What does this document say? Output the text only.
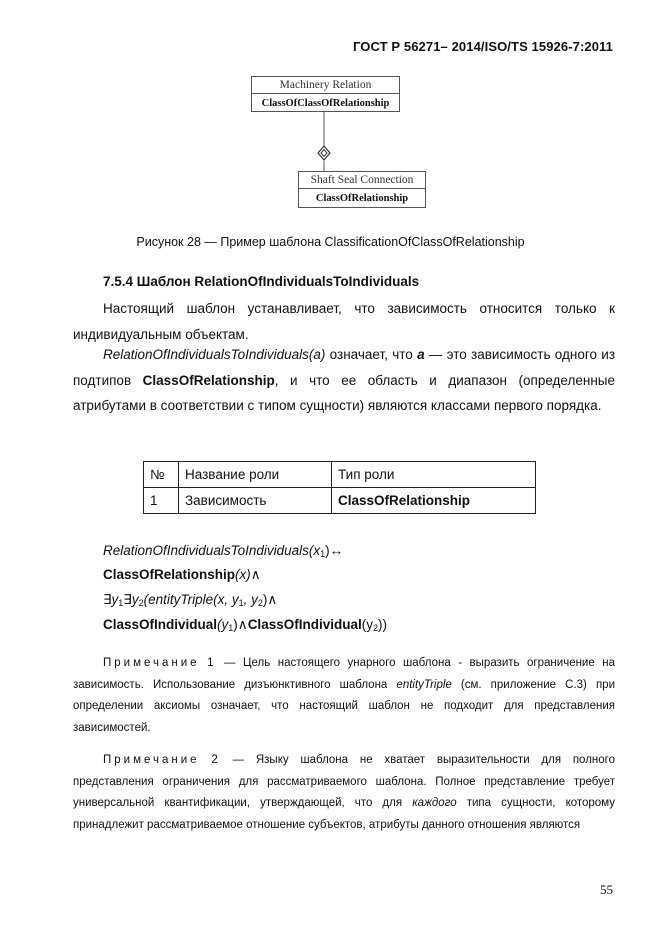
ГОСТ Р 56271– 2014/ISO/TS 15926-7:2011
Machinery Relation
ClassOfClassOfRelationship
Shaft Seal Connection
ClassOfRelationship
Рисунок 28 — Пример шаблона ClassificationOfClassOfRelationship
7.5.4 Шаблон RelationOfIndividualsToIndividuals
Настоящий шаблон устанавливает, что зависимость относится только к индивидуальным объектам.
RelationOfIndividualsToIndividuals(a) означает, что a — это зависимость одного из подтипов ClassOfRelationship, и что ее область и диапазон (определенные атрибутами в соответствии с типом сущности) являются классами первого порядка.
№	Название роли	Тип роли
1	Зависимость	ClassOfRelationship
$RelationOfIndividualsToIndividuals(x_1)\leftrightarrow$
ClassOfRelationship(x)∧
$\exists y_1\exists y_2(entityTriple(x$, $y_1$, $y_2)\wedge$
$ClassOfIndividual(y_1)\wedge ClassOfIndividual(y_2)$)
Примечание 1 — Цель настоящего унарного шаблона - выразить ограничение на зависимость. Использование дизъюнктивного шаблона entityTriple (см. приложение С.3) при определении аксиомы означает, что настоящий шаблон не подходит для представления зависимостей.
Примечание 2 — Языку шаблона не хватает выразительности для полного представления ограничения для рассматриваемого шаблона. Полное представление требует универсальной квантификации, утверждающей, что для каждого типа сущности, которому принадлежит рассматриваемое отношение субъектов, атрибуты данного отношения являются
55
